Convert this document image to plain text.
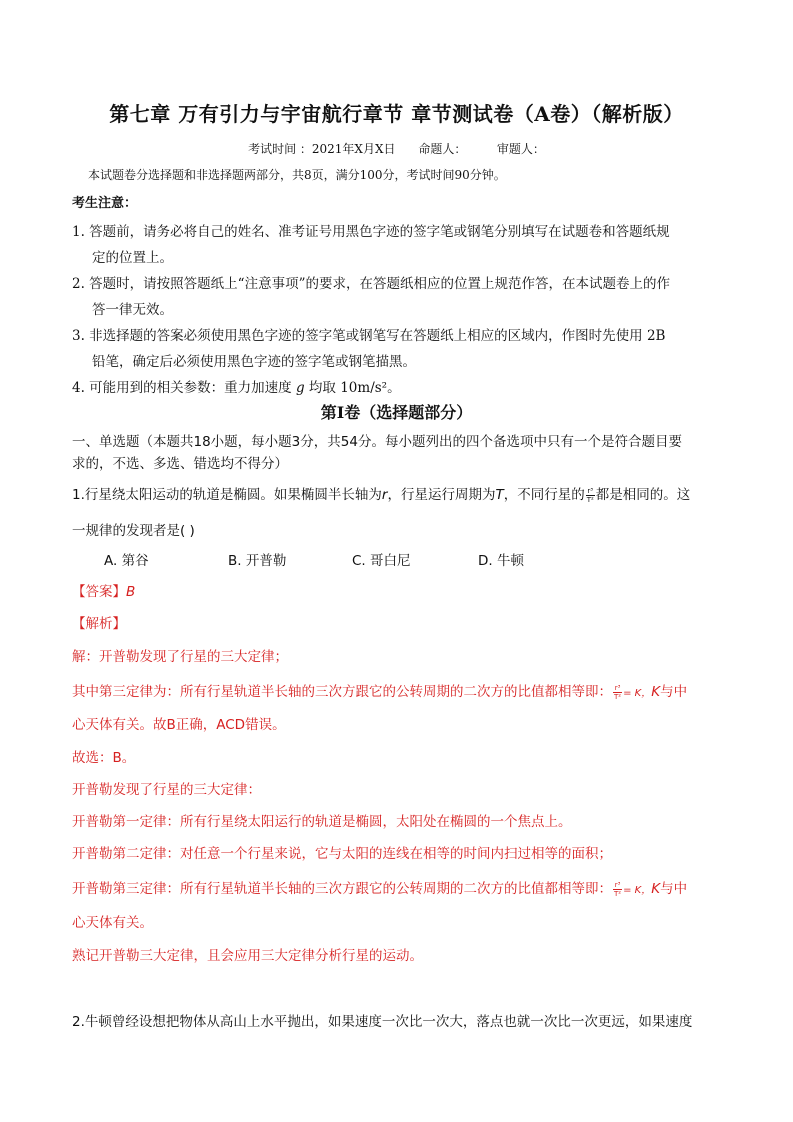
第七章 万有引力与宇宙航行章节 章节测试卷（A卷）（解析版）
考试时间 ：2021年X月X日      命题人：        审题人：
本试题卷分选择题和非选择题两部分，共8页，满分100分，考试时间90分钟。
考生注意：
1. 答题前，请务必将自己的姓名、准考证号用黑色字迹的签字笔或钢笔分别填写在试题卷和答题纸规
定的位置上。
2. 答题时，请按照答题纸上“注意事项”的要求，在答题纸相应的位置上规范作答，在本试题卷上的作
答一律无效。
3. 非选择题的答案必须使用黑色字迹的签字笔或钢笔写在答题纸上相应的区域内，作图时先使用 2B
铅笔，确定后必须使用黑色字迹的签字笔或钢笔描黑。
4. 可能用到的相关参数：重力加速度 g 均取 10m/s²。
第Ⅰ卷（选择题部分）
一、单选题（本题共18小题，每小题3分，共54分。每小题列出的四个备选项中只有一个是符合题目要
求的，不选、多选、错选均不得分）
1.行星绕太阳运动的轨道是椭圆。如果椭圆半长轴为r，行星运行周期为T，不同行星的 $\frac{\text{r³}}{\text{T²}}$ 都是相同的。这
一规律的发现者是( )
A. 第谷	B. 开普勒	C. 哥白尼	D. 牛顿
【答案】B
【解析】
解：开普勒发现了行星的三大定律；
其中第三定律为：所有行星轨道半长轴的三次方跟它的公转周期的二次方的比值都相等即： $\frac{\text{r³}}{\text{T²}} = K$，K与中
心天体有关。故B正确，ACD错误。
故选：B。
开普勒发现了行星的三大定律：
开普勒第一定律：所有行星绕太阳运行的轨道是椭圆，太阳处在椭圆的一个焦点上。
开普勒第二定律：对任意一个行星来说，它与太阳的连线在相等的时间内扫过相等的面积；
开普勒第三定律：所有行星轨道半长轴的三次方跟它的公转周期的二次方的比值都相等即： $\frac{\text{r³}}{\text{T²}} = K$，K与中
心天体有关。
熟记开普勒三大定律，且会应用三大定律分析行星的运动。
2.牛顿曾经设想把物体从高山上水平抛出，如果速度一次比一次大，落点也就一次比一次更远，如果速度
